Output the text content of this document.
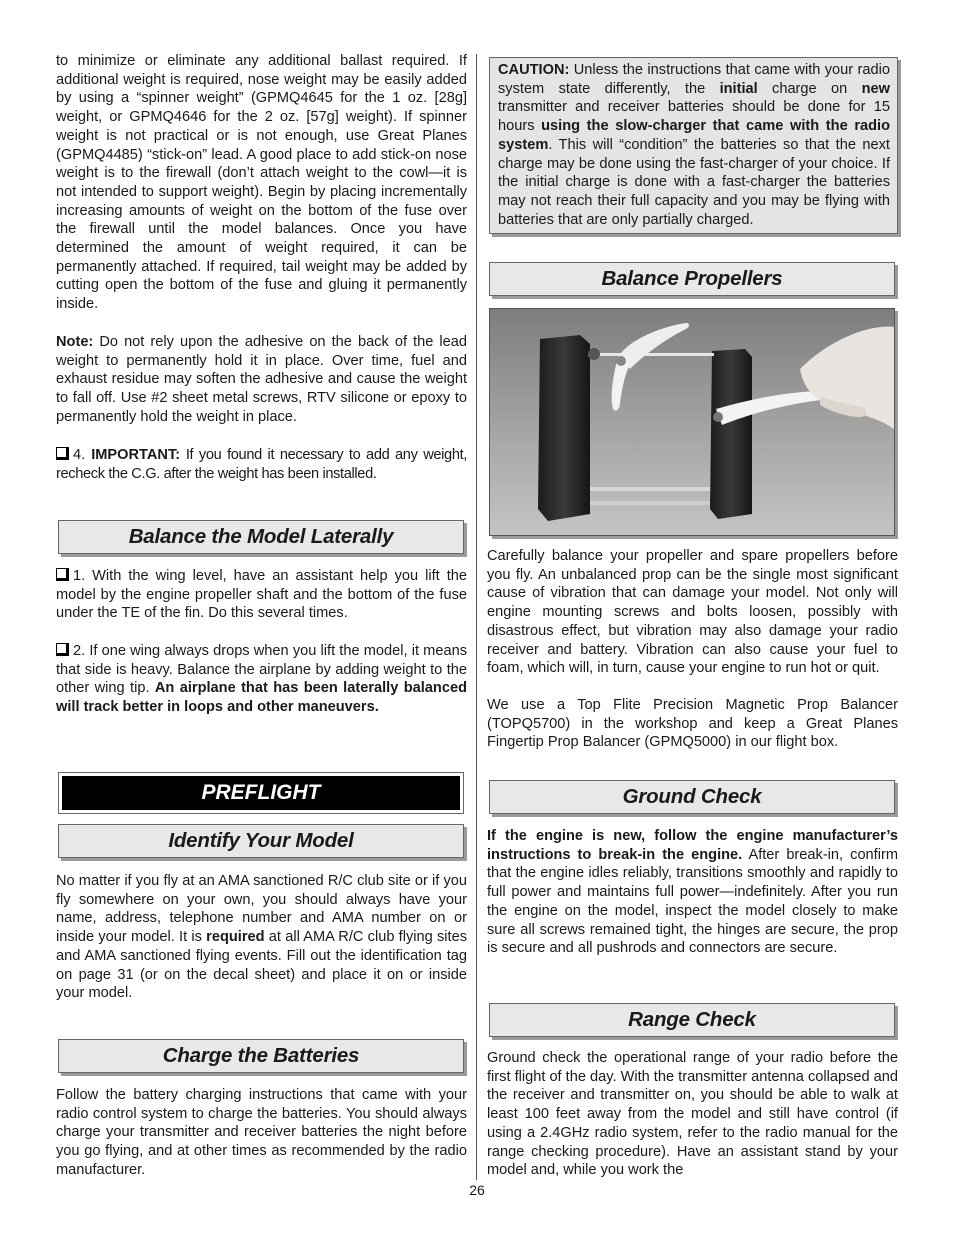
to minimize or eliminate any additional ballast required. If additional weight is required, nose weight may be easily added by using a “spinner weight” (GPMQ4645 for the 1 oz. [28g] weight, or GPMQ4646 for the 2 oz. [57g] weight). If spinner weight is not practical or is not enough, use Great Planes (GPMQ4485) “stick-on” lead. A good place to add stick-on nose weight is to the firewall (don’t attach weight to the cowl—it is not intended to support weight). Begin by placing incrementally increasing amounts of weight on the bottom of the fuse over the firewall until the model balances. Once you have determined the amount of weight required, it can be permanently attached. If required, tail weight may be added by cutting open the bottom of the fuse and gluing it permanently inside.

Note: Do not rely upon the adhesive on the back of the lead weight to permanently hold it in place. Over time, fuel and exhaust residue may soften the adhesive and cause the weight to fall off. Use #2 sheet metal screws, RTV silicone or epoxy to permanently hold the weight in place.

4. IMPORTANT: If you found it necessary to add any weight, recheck the C.G. after the weight has been installed.

Balance the Model Laterally

1. With the wing level, have an assistant help you lift the model by the engine propeller shaft and the bottom of the fuse under the TE of the fin. Do this several times.

2. If one wing always drops when you lift the model, it means that side is heavy. Balance the airplane by adding weight to the other wing tip. An airplane that has been laterally balanced will track better in loops and other maneuvers.

PREFLIGHT
Identify Your Model

No matter if you fly at an AMA sanctioned R/C club site or if you fly somewhere on your own, you should always have your name, address, telephone number and AMA number on or inside your model. It is required at all AMA R/C club flying sites and AMA sanctioned flying events. Fill out the identification tag on page 31 (or on the decal sheet) and place it on or inside your model.

Charge the Batteries

Follow the battery charging instructions that came with your radio control system to charge the batteries. You should always charge your transmitter and receiver batteries the night before you go flying, and at other times as recommended by the radio manufacturer.

CAUTION: Unless the instructions that came with your radio system state differently, the initial charge on new transmitter and receiver batteries should be done for 15 hours using the slow-charger that came with the radio system. This will “condition” the batteries so that the next charge may be done using the fast-charger of your choice. If the initial charge is done with a fast-charger the batteries may not reach their full capacity and you may be flying with batteries that are only partially charged.

Balance Propellers

Carefully balance your propeller and spare propellers before you fly. An unbalanced prop can be the single most significant cause of vibration that can damage your model. Not only will engine mounting screws and bolts loosen, possibly with disastrous effect, but vibration may also damage your radio receiver and battery. Vibration can also cause your fuel to foam, which will, in turn, cause your engine to run hot or quit.

We use a Top Flite Precision Magnetic Prop Balancer (TOPQ5700) in the workshop and keep a Great Planes Fingertip Prop Balancer (GPMQ5000) in our flight box.

Ground Check

If the engine is new, follow the engine manufacturer’s instructions to break-in the engine. After break-in, confirm that the engine idles reliably, transitions smoothly and rapidly to full power and maintains full power—indefinitely. After you run the engine on the model, inspect the model closely to make sure all screws remained tight, the hinges are secure, the prop is secure and all pushrods and connectors are secure.

Range Check

Ground check the operational range of your radio before the first flight of the day. With the transmitter antenna collapsed and the receiver and transmitter on, you should be able to walk at least 100 feet away from the model and still have control (if using a 2.4GHz radio system, refer to the radio manual for the range checking procedure). Have an assistant stand by your model and, while you work the

26
